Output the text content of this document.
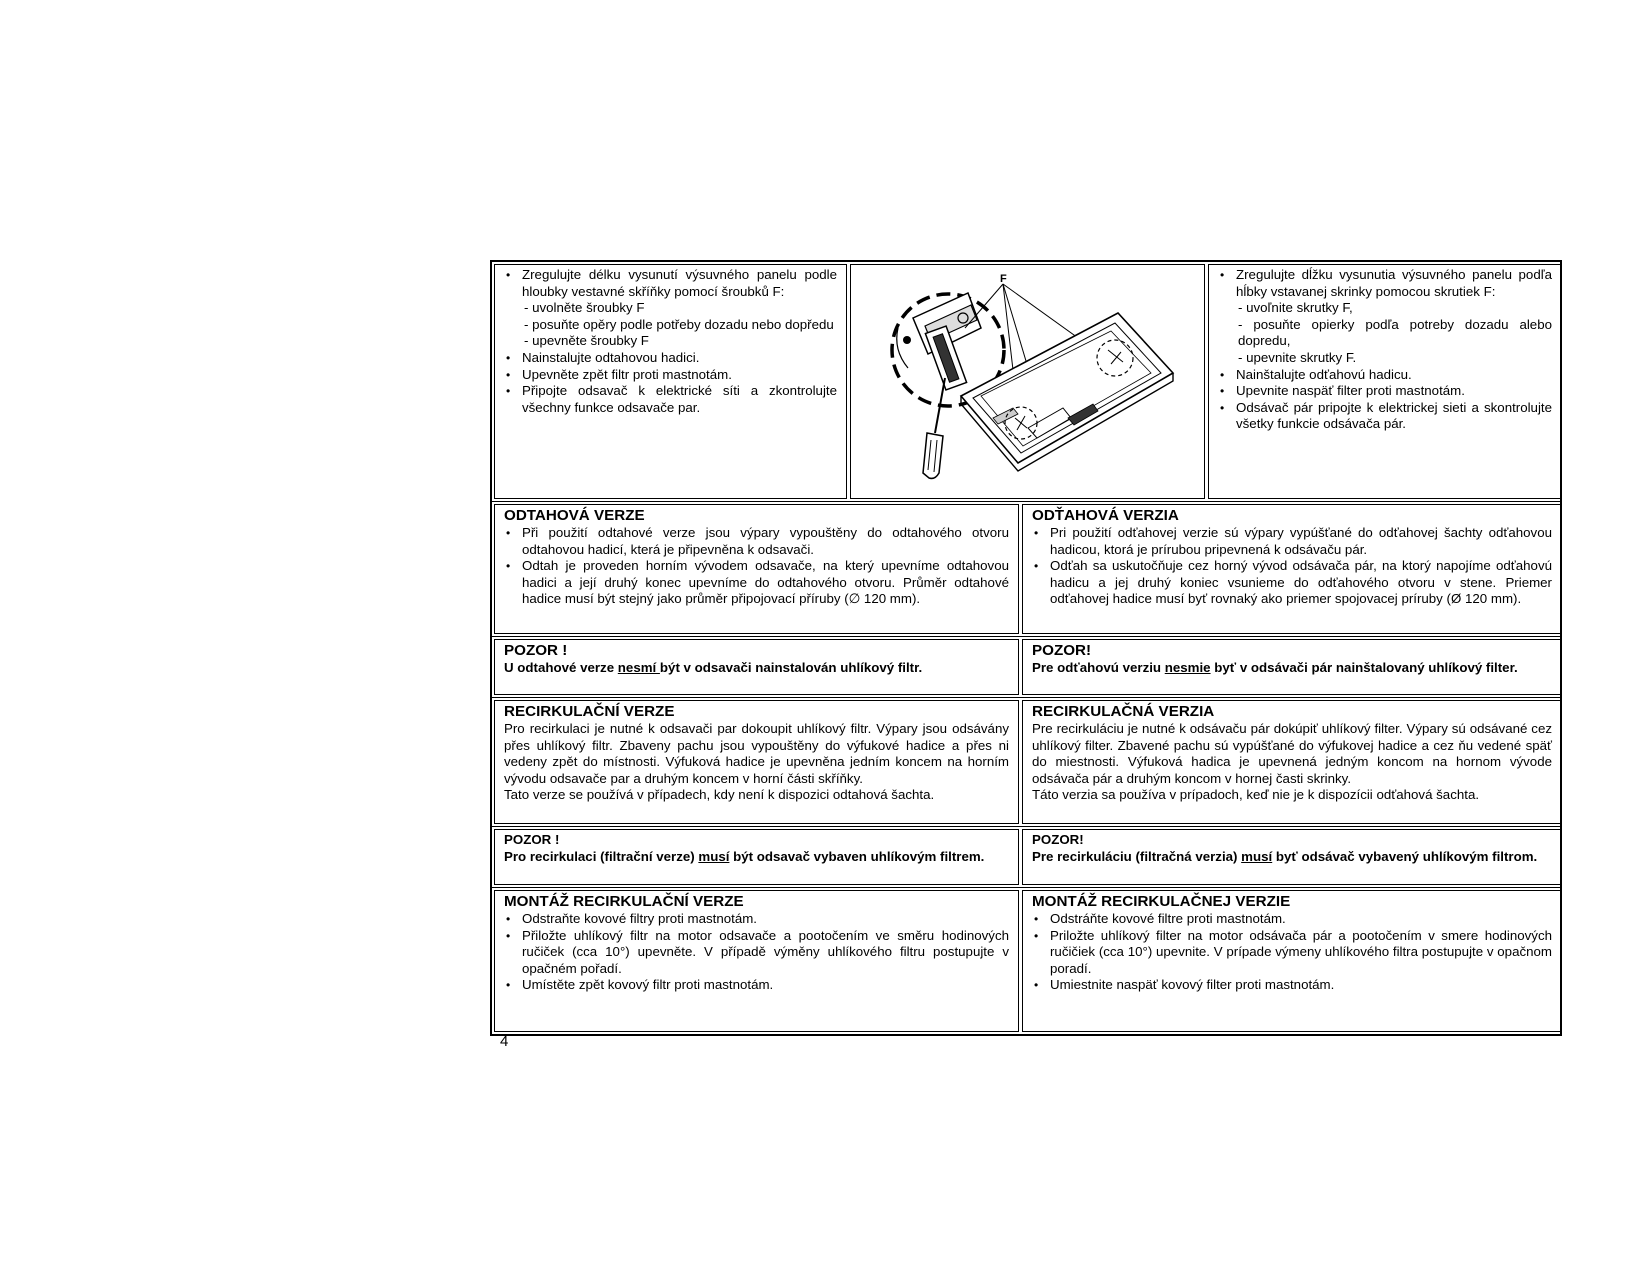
• Zregulujte délku vysunutí výsuvného panelu podle hloubky vestavné skříňky pomocí šroubků F:
- uvolněte šroubky F
- posuňte opěry podle potřeby dozadu nebo dopředu
- upevněte šroubky F
• Nainstalujte odtahovou hadici.
• Upevněte zpět filtr proti mastnotám.
• Připojte odsavač k elektrické síti a zkontrolujte všechny funkce odsavače par.
F
•	Zregulujte dĺžku vysunutia výsuvného panelu podľa hĺbky vstavanej skrinky pomocou skrutiek F:
- uvoľnite skrutky F,
- posuňte opierky podľa potreby dozadu alebo dopredu,
- upevnite skrutky F.
• Nainštalujte odťahovú hadicu.
• Upevnite naspäť filter proti mastnotám.
• Odsávač pár pripojte k elektrickej sieti a skontrolujte všetky funkcie odsávača pár.
ODTAHOVÁ VERZE
• Při použití odtahové verze jsou výpary vypouštěny do odtahového otvoru odtahovou hadicí, která je připevněna k odsavači.
• Odtah je proveden horním vývodem odsavače, na který upevníme odtahovou hadici a její druhý konec upevníme do odtahového otvoru. Průměr odtahové hadice musí být stejný jako průměr připojovací příruby (∅ 120 mm).
ODŤAHOVÁ VERZIA
• Pri použití odťahovej verzie sú výpary vypúšťané do odťahovej šachty odťahovou hadicou, ktorá je prírubou pripevnená k odsávaču pár.
• Odťah sa uskutočňuje cez horný vývod odsávača pár, na ktorý napojíme odťahovú hadicu a jej druhý koniec vsunieme do odťahového otvoru v stene. Priemer odťahovej hadice musí byť rovnaký ako priemer spojovacej príruby (Ø 120 mm).
POZOR !
U odtahové verze nesmí být v odsavači nainstalován uhlíkový filtr.
POZOR!
Pre odťahovú verziu nesmie byť v odsávači pár nainštalovaný uhlíkový filter.
RECIRKULAČNÍ VERZE
Pro recirkulaci je nutné k odsavači par dokoupit uhlíkový filtr. Výpary jsou odsávány přes uhlíkový filtr. Zbaveny pachu jsou vypouštěny do výfukové hadice a přes ni vedeny zpět do místnosti. Výfuková hadice je upevněna jedním koncem na horním vývodu odsavače par a druhým koncem v horní části skříňky.
Tato verze se používá v případech, kdy není k dispozici odtahová šachta.
RECIRKULAČNÁ VERZIA
Pre recirkuláciu je nutné k odsávaču pár dokúpiť uhlíkový filter. Výpary sú odsávané cez uhlíkový filter. Zbavené pachu sú vypúšťané do výfukovej hadice a cez ňu vedené späť do miestnosti. Výfuková hadica je upevnená jedným koncom na hornom vývode odsávača pár a druhým koncom v hornej časti skrinky.
Táto verzia sa používa v prípadoch, keď nie je k dispozícii odťahová šachta.
POZOR !
Pro recirkulaci (filtrační verze) musí být odsavač vybaven uhlíkovým filtrem.
POZOR!
Pre recirkuláciu (filtračná verzia) musí byť odsávač vybavený uhlíkovým filtrom.
MONTÁŽ RECIRKULAČNÍ VERZE
• Odstraňte kovové filtry proti mastnotám.
• Přiložte uhlíkový filtr na motor odsavače a pootočením ve směru hodinových ručiček (cca 10°) upevněte. V případě výměny uhlíkového filtru postupujte v opačném pořadí.
• Umístěte zpět kovový filtr proti mastnotám.
MONTÁŽ RECIRKULAČNEJ VERZIE
• Odstráňte kovové filtre proti mastnotám.
• Priložte uhlíkový filter na motor odsávača pár a pootočením v smere hodinových ručičiek (cca 10°) upevnite. V prípade výmeny uhlíkového filtra postupujte v opačnom poradí.
• Umiestnite naspäť kovový filter proti mastnotám.
4
